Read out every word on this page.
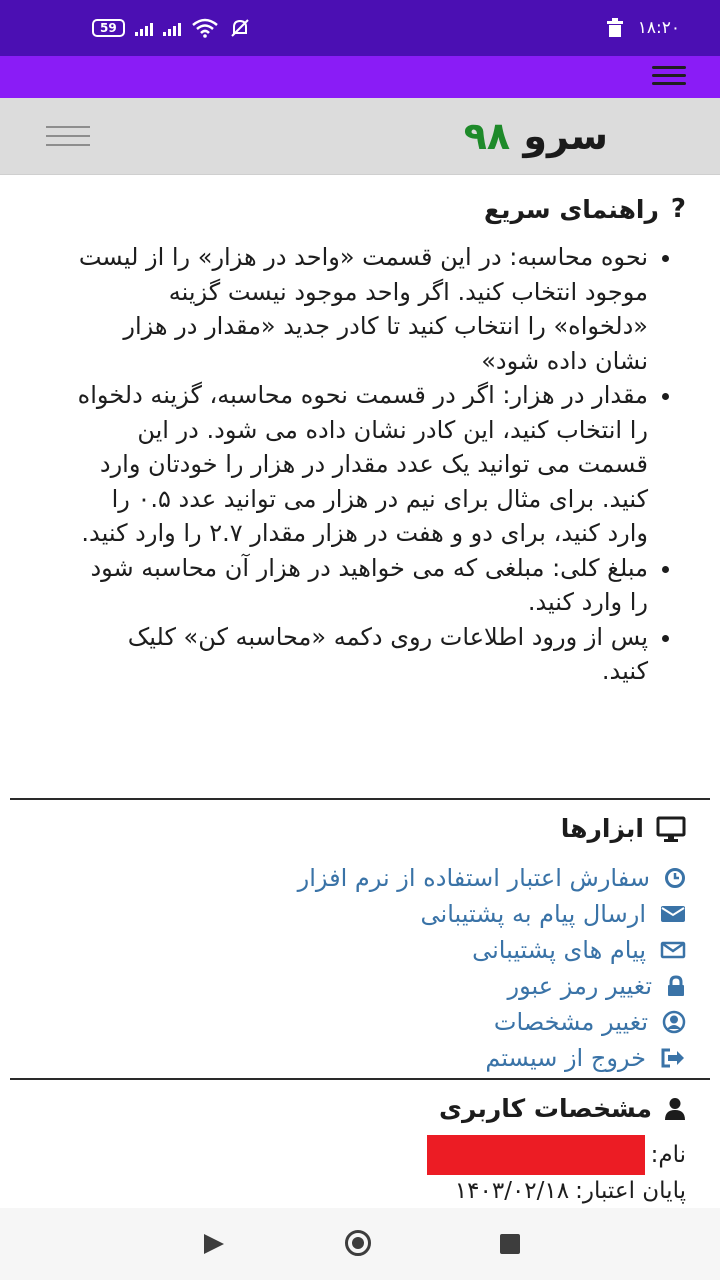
59	۱۸:۲۰
سرو ۹۸
?
راهنمای سریع
• نحوه محاسبه: در این قسمت «واحد در هزار» را از لیست موجود انتخاب کنید. اگر واحد موجود نیست گزینه «دلخواه» را انتخاب کنید تا کادر جدید «مقدار در هزار نشان داده شود»
• مقدار در هزار: اگر در قسمت نحوه محاسبه، گزینه دلخواه را انتخاب کنید، این کادر نشان داده می شود. در این قسمت می توانید یک عدد مقدار در هزار را خودتان وارد کنید. برای مثال برای نیم در هزار می توانید عدد ۰.۵ را وارد کنید، برای دو و هفت در هزار مقدار ۲.۷ را وارد کنید.
• مبلغ کلی: مبلغی که می خواهید در هزار آن محاسبه شود را وارد کنید.
• پس از ورود اطلاعات روی دکمه «محاسبه کن» کلیک کنید.
ابزارها
سفارش اعتبار استفاده از نرم افزار
ارسال پیام به پشتیبانی
پیام های پشتیبانی
تغییر رمز عبور
تغییر مشخصات
خروج از سیستم
مشخصات کاربری
نام:
پایان اعتبار:
۱۴۰۳/۰۲/۱۸
